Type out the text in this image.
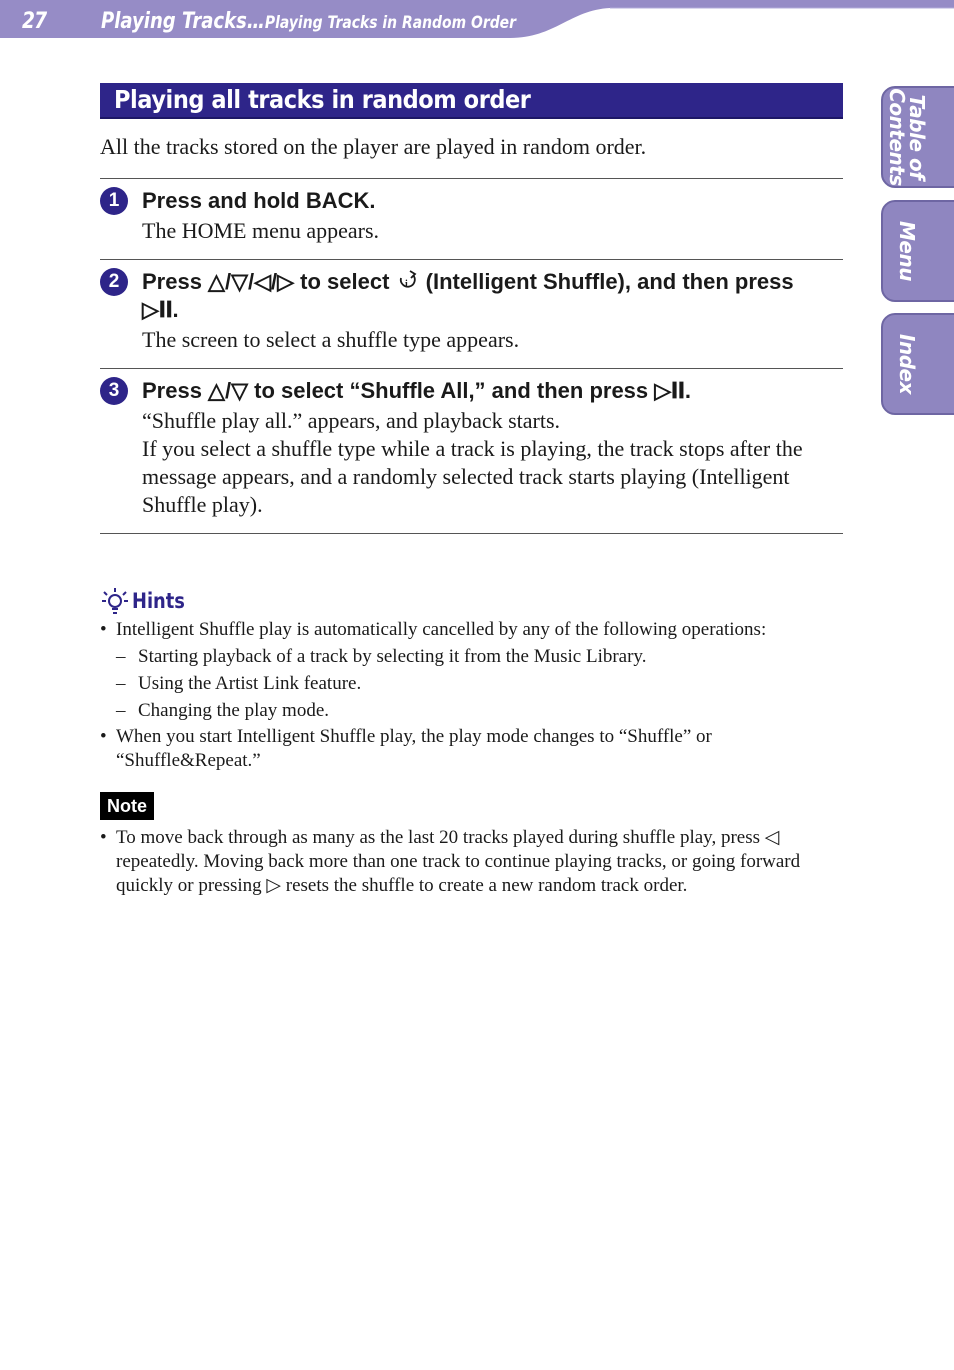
27 Playing Tracks…Playing Tracks in Random Order
Table of
Contents
Menu
Index
Playing all tracks in random order
All the tracks stored on the player are played in random order.
1	Press and hold BACK.
The HOME menu appears.
2	Press △/▽/◁/▷ to select i (Intelligent Shuffle), and then press
▷𝐈𝐈.
The screen to select a shuffle type appears.
3	Press △/▽ to select “Shuffle All,” and then press ▷𝐈𝐈.
“Shuffle play all.” appears, and playback starts.
If you select a shuffle type while a track is playing, the track stops after the message appears, and a randomly selected track starts playing (Intelligent Shuffle play).
Hints
• Intelligent Shuffle play is automatically cancelled by any of the following operations:
– Starting playback of a track by selecting it from the Music Library.
– Using the Artist Link feature.
– Changing the play mode.
• When you start Intelligent Shuffle play, the play mode changes to “Shuffle” or “Shuffle&Repeat.”
Note
• To move back through as many as the last 20 tracks played during shuffle play, press ◁ repeatedly. Moving back more than one track to continue playing tracks, or going forward quickly or pressing ▷ resets the shuffle to create a new random track order.
